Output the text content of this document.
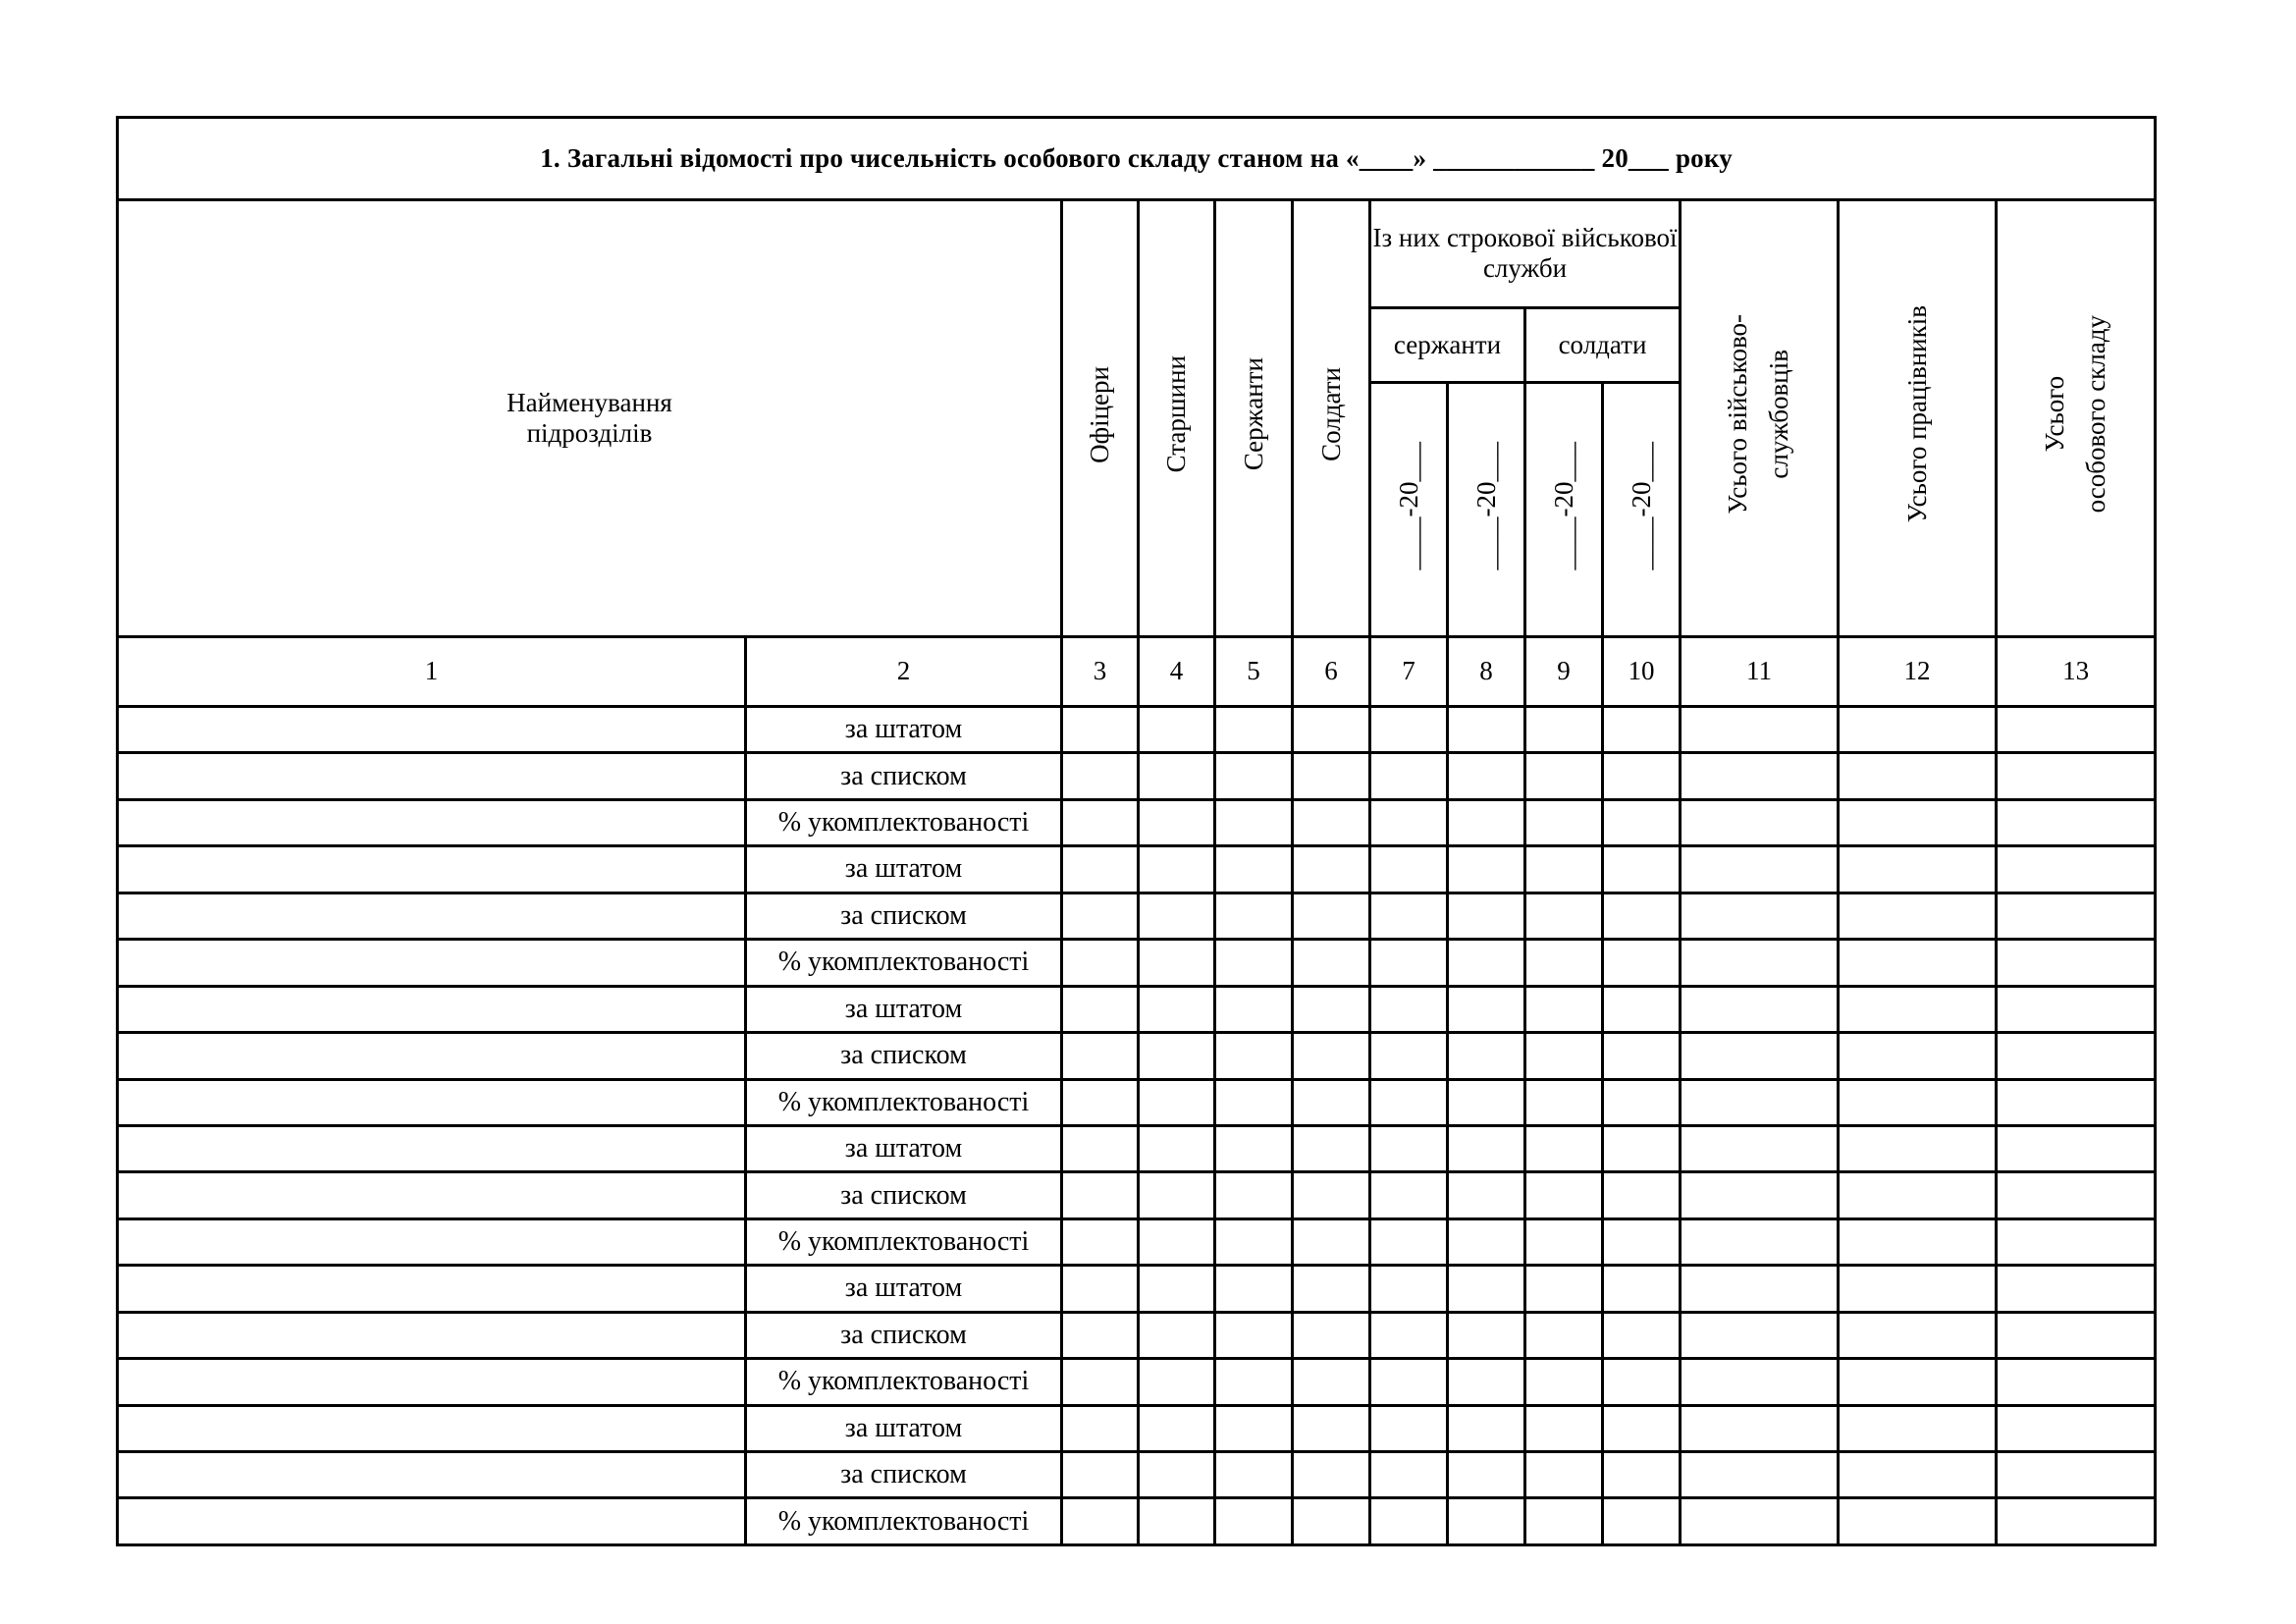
1. Загальні відомості про чисельність особового складу станом на «____» ____________ 20___ року												
Найменування
підрозділів		Офіцери	Старшини	Сержанти	Солдати	Із них строкової військової служби				Усього військово- службовців	Усього працівників	Усього особового складу
						сержанти		солдати				
						____-20___	____-20___	____-20___	____-20___			
1	2	3	4	5	6	7	8	9	10	11	12	13
	за штатом											
	за списком											
	% укомплектованості											
	за штатом											
	за списком											
	% укомплектованості											
	за штатом											
	за списком											
	% укомплектованості											
	за штатом											
	за списком											
	% укомплектованості											
	за штатом											
	за списком											
	% укомплектованості											
	за штатом											
	за списком											
	% укомплектованості											
